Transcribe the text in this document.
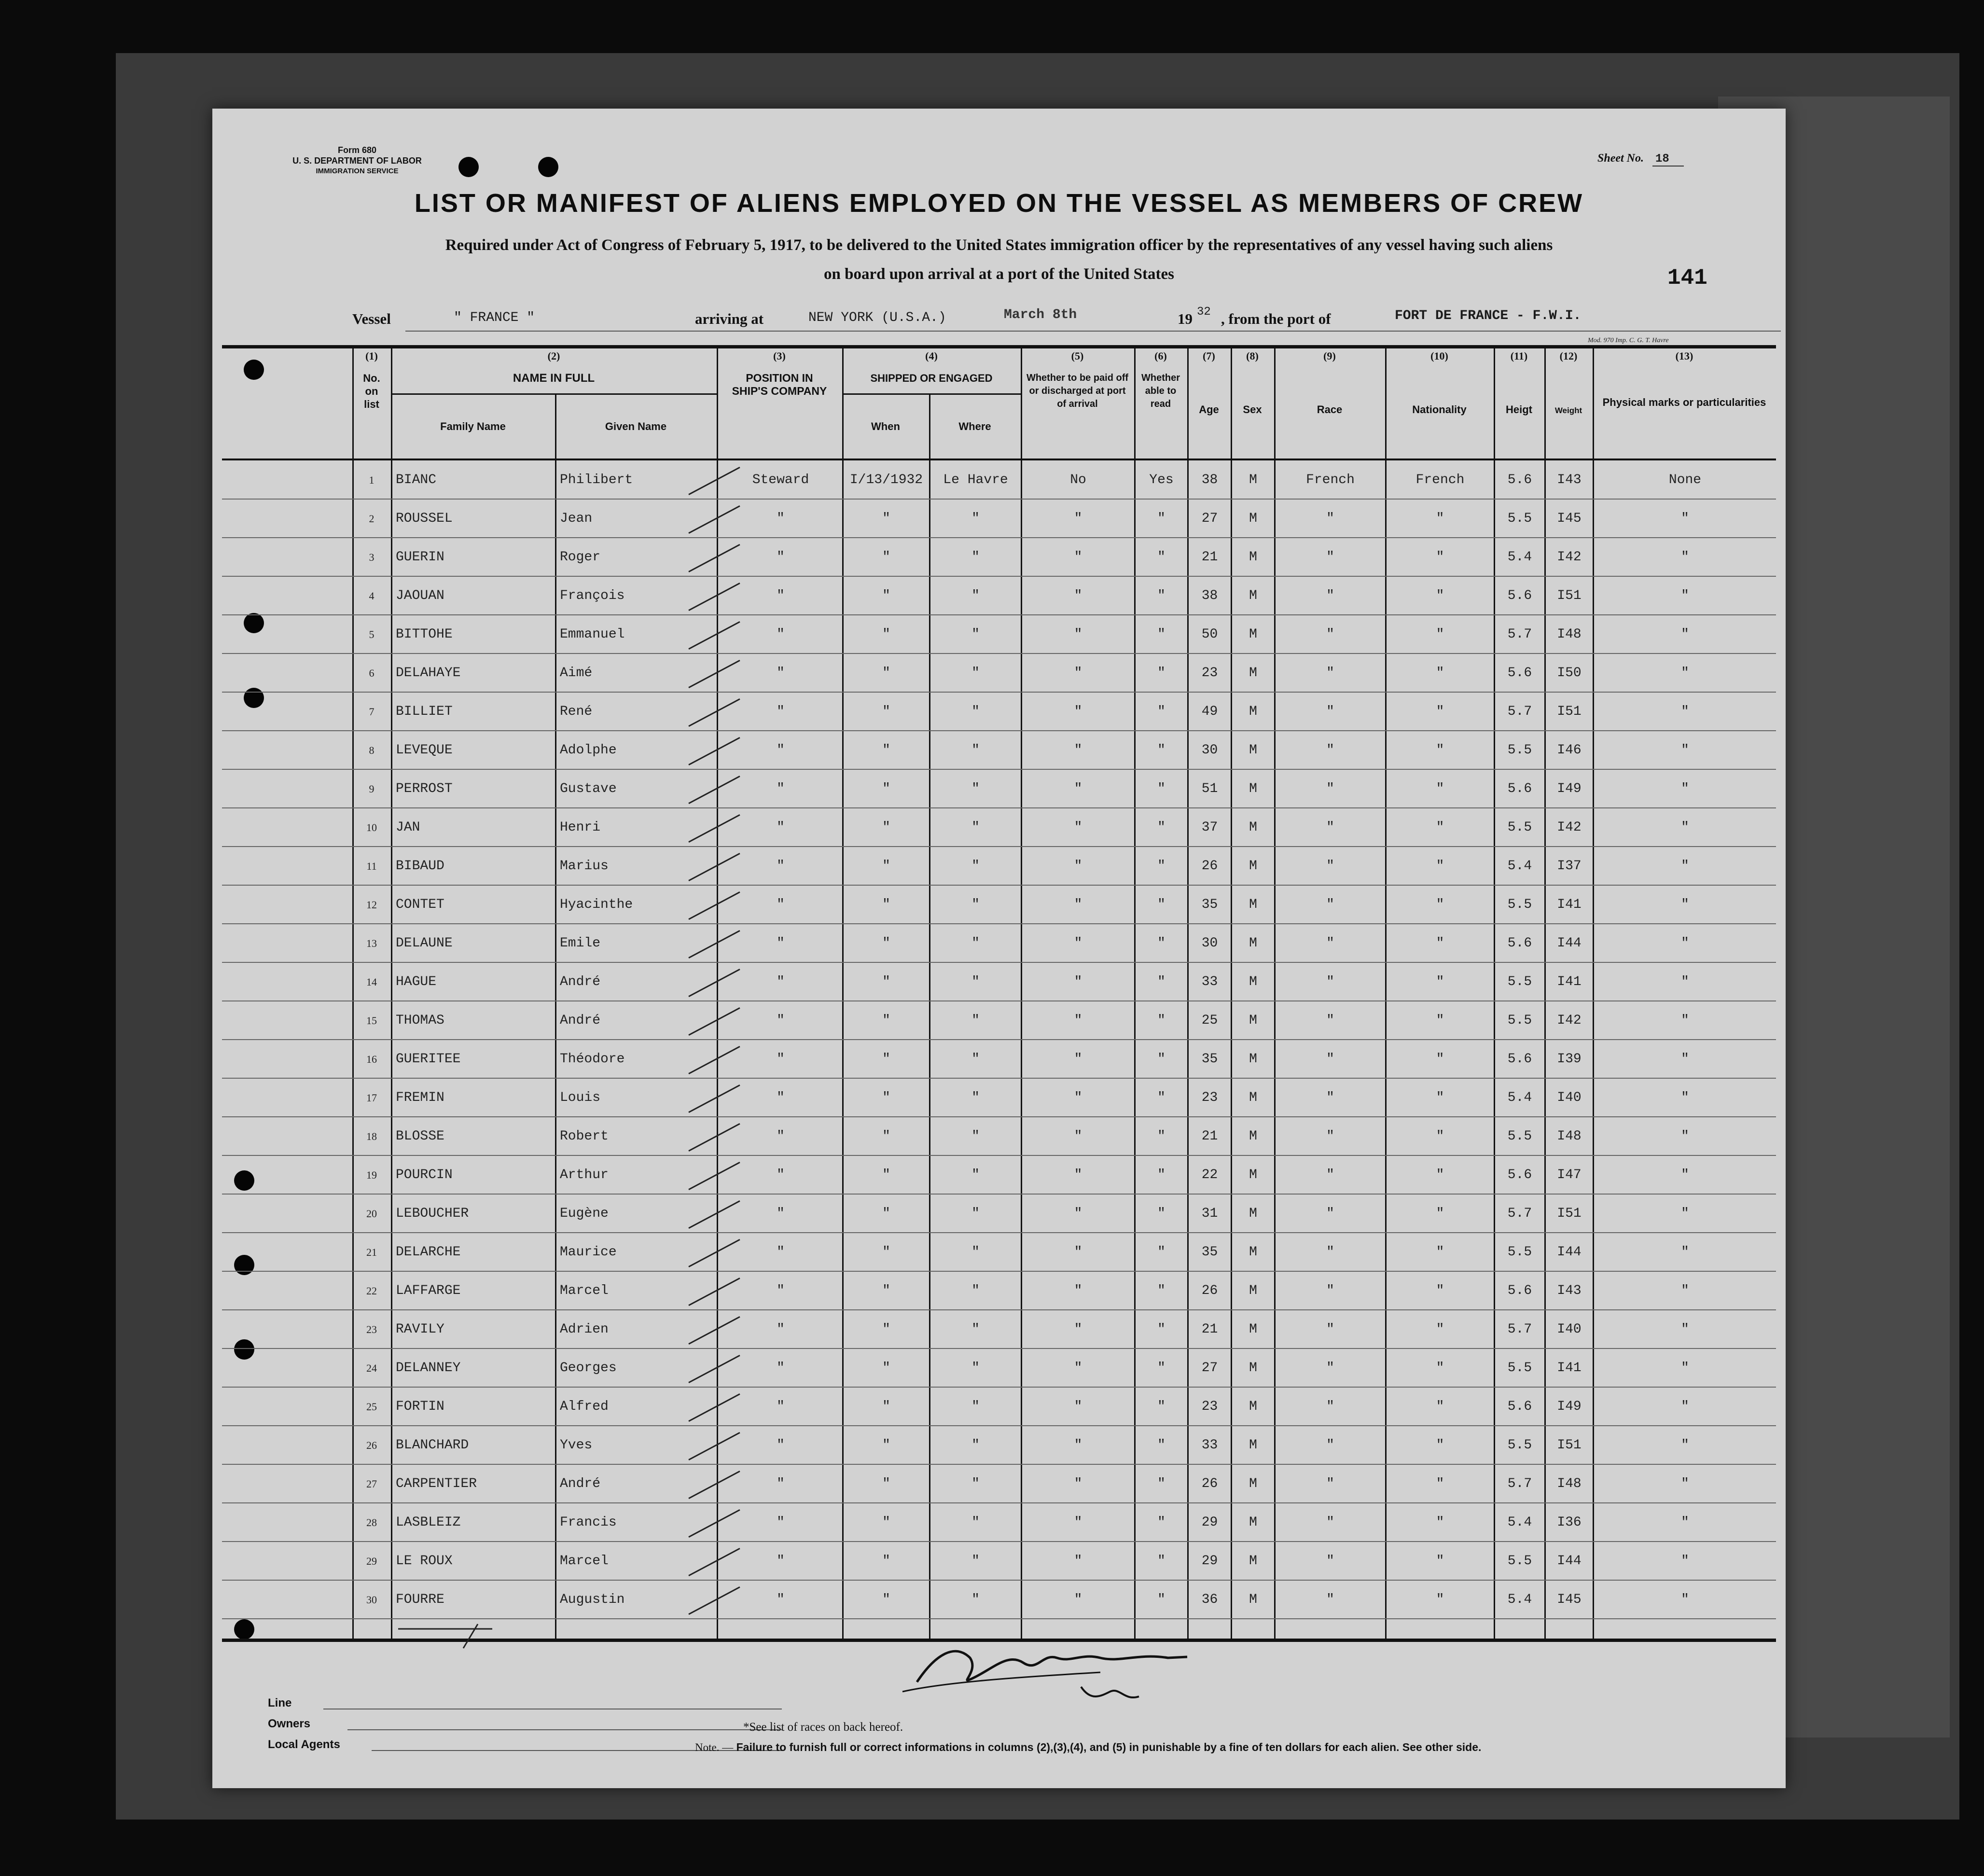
Form 680
U. S. DEPARTMENT OF LABOR
IMMIGRATION SERVICE
Sheet No. 18
LIST OR MANIFEST OF ALIENS EMPLOYED ON THE VESSEL AS MEMBERS OF CREW
Required under Act of Congress of February 5, 1917, to be delivered to the United States immigration officer by the representatives of any vessel having such aliens
on board upon arrival at a port of the United States	141
Vessel	" FRANCE "	arriving at	NEW YORK (U.S.A.)	March 8th	19 32 , from the port of	FORT DE FRANCE - F.W.I.
Mod. 970 Imp. C. G. T. Havre
(1)	(2)	(3)	(4)	(5)	(6)	(7)	(8)	(9)	(10)	(11)	(12)	(13)
No. on list
NAME IN FULL
Family Name	Given Name
POSITION IN SHIP'S COMPANY
SHIPPED OR ENGAGED
When	Where
Whether to be paid off or discharged at port of arrival
Whether able to read	Age	Sex	Race	Nationality	Heigt	Weight
Physical marks or particularities
1	BIANC	Philibert	Steward	I/13/1932	Le Havre	No	Yes	38	M	French	French	5.6	I43	None
2	ROUSSEL	Jean	"	"	"	"	"	27	M	"	"	5.5	I45	"
3	GUERIN	Roger	"	"	"	"	"	21	M	"	"	5.4	I42	"
4	JAOUAN	François	"	"	"	"	"	38	M	"	"	5.6	I51	"
5	BITTOHE	Emmanuel	"	"	"	"	"	50	M	"	"	5.7	I48	"
6	DELAHAYE	Aimé	"	"	"	"	"	23	M	"	"	5.6	I50	"
7	BILLIET	René	"	"	"	"	"	49	M	"	"	5.7	I51	"
8	LEVEQUE	Adolphe	"	"	"	"	"	30	M	"	"	5.5	I46	"
9	PERROST	Gustave	"	"	"	"	"	51	M	"	"	5.6	I49	"
10	JAN	Henri	"	"	"	"	"	37	M	"	"	5.5	I42	"
11	BIBAUD	Marius	"	"	"	"	"	26	M	"	"	5.4	I37	"
12	CONTET	Hyacinthe	"	"	"	"	"	35	M	"	"	5.5	I41	"
13	DELAUNE	Emile	"	"	"	"	"	30	M	"	"	5.6	I44	"
14	HAGUE	André	"	"	"	"	"	33	M	"	"	5.5	I41	"
15	THOMAS	André	"	"	"	"	"	25	M	"	"	5.5	I42	"
16	GUERITEE	Théodore	"	"	"	"	"	35	M	"	"	5.6	I39	"
17	FREMIN	Louis	"	"	"	"	"	23	M	"	"	5.4	I40	"
18	BLOSSE	Robert	"	"	"	"	"	21	M	"	"	5.5	I48	"
19	POURCIN	Arthur	"	"	"	"	"	22	M	"	"	5.6	I47	"
20	LEBOUCHER	Eugène	"	"	"	"	"	31	M	"	"	5.7	I51	"
21	DELARCHE	Maurice	"	"	"	"	"	35	M	"	"	5.5	I44	"
22	LAFFARGE	Marcel	"	"	"	"	"	26	M	"	"	5.6	I43	"
23	RAVILY	Adrien	"	"	"	"	"	21	M	"	"	5.7	I40	"
24	DELANNEY	Georges	"	"	"	"	"	27	M	"	"	5.5	I41	"
25	FORTIN	Alfred	"	"	"	"	"	23	M	"	"	5.6	I49	"
26	BLANCHARD	Yves	"	"	"	"	"	33	M	"	"	5.5	I51	"
27	CARPENTIER	André	"	"	"	"	"	26	M	"	"	5.7	I48	"
28	LASBLEIZ	Francis	"	"	"	"	"	29	M	"	"	5.4	I36	"
29	LE ROUX	Marcel	"	"	"	"	"	29	M	"	"	5.5	I44	"
30	FOURRE	Augustin	"	"	"	"	"	36	M	"	"	5.4	I45	"
Line
Owners
Local Agents
*See list of races on back hereof.
Note. — Failure to furnish full or correct informations in columns (2),(3),(4), and (5) in punishable by a fine of ten dollars for each alien. See other side.
